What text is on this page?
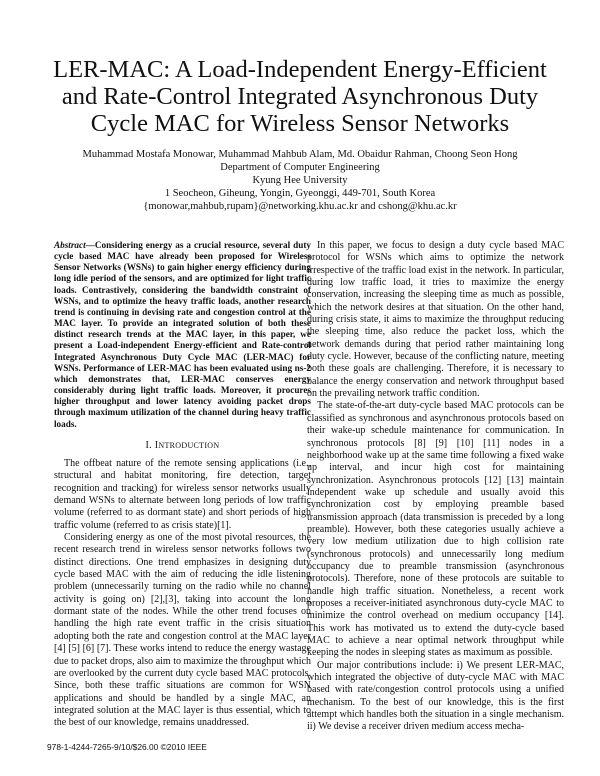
LER-MAC: A Load-Independent Energy-Efficient
and Rate-Control Integrated Asynchronous Duty
Cycle MAC for Wireless Sensor Networks
Muhammad Mostafa Monowar, Muhammad Mahbub Alam, Md. Obaidur Rahman, Choong Seon Hong
Department of Computer Engineering
Kyung Hee University
1 Seocheon, Giheung, Yongin, Gyeonggi, 449-701, South Korea
{monowar,mahbub,rupam}@networking.khu.ac.kr and cshong@khu.ac.kr
Abstract—Considering energy as a crucial resource, several duty cycle based MAC have already been proposed for Wireless Sensor Networks (WSNs) to gain higher energy efficiency during long idle period of the sensors, and are optimized for light traffic loads. Contrastively, considering the bandwidth constraint of WSNs, and to optimize the heavy traffic loads, another research trend is continuing in devising rate and congestion control at the MAC layer. To provide an integrated solution of both these distinct research trends at the MAC layer, in this paper, we present a Load-independent Energy-efficient and Rate-control Integrated Asynchronous Duty Cycle MAC (LER-MAC) for WSNs. Performance of LER-MAC has been evaluated using ns-2 which demonstrates that, LER-MAC conserves energy considerably during light traffic loads. Moreover, it procures higher throughput and lower latency avoiding packet drops through maximum utilization of the channel during heavy traffic loads.
I. INTRODUCTION

The offbeat nature of the remote sensing applications (i.e., structural and habitat monitoring, fire detection, target recognition and tracking) for wireless sensor networks usually demand WSNs to alternate between long periods of low traffic volume (referred to as dormant state) and short periods of high traffic volume (referred to as crisis state)[1].

Considering energy as one of the most pivotal resources, the recent research trend in wireless sensor networks follows two distinct directions. One trend emphasizes in designing duty cycle based MAC with the aim of reducing the idle listening problem (unnecessarily turning on the radio while no channel activity is going on) [2],[3], taking into account the long dormant state of the nodes. While the other trend focuses on handling the high rate event traffic in the crisis situation adopting both the rate and congestion control at the MAC layer [4] [5] [6] [7]. These works intend to reduce the energy wastage due to packet drops, also aim to maximize the throughput which are overlooked by the current duty cycle based MAC protocols. Since, both these traffic situations are common for WSN applications and should be handled by a single MAC, an integrated solution at the MAC layer is thus essential, which to the best of our knowledge, remains unaddressed.

In this paper, we focus to design a duty cycle based MAC protocol for WSNs which aims to optimize the network irrespective of the traffic load exist in the network. In particular, during low traffic load, it tries to maximize the energy conservation, increasing the sleeping time as much as possible, which the network desires at that situation. On the other hand, during crisis state, it aims to maximize the throughput reducing the sleeping time, also reduce the packet loss, which the network demands during that period rather maintaining long duty cycle. However, because of the conflicting nature, meeting both these goals are challenging. Therefore, it is necessary to balance the energy conservation and network throughput based on the prevailing network traffic condition.

The state-of-the-art duty-cycle based MAC protocols can be classified as synchronous and asynchronous protocols based on their wake-up schedule maintenance for communication. In synchronous protocols [8] [9] [10] [11] nodes in a neighborhood wake up at the same time following a fixed wake up interval, and incur high cost for maintaining synchronization. Asynchronous protocols [12] [13] maintain independent wake up schedule and usually avoid this synchronization cost by employing preamble based transmission approach (data transmission is preceded by a long preamble). However, both these categories usually achieve a very low medium utilization due to high collision rate (synchronous protocols) and unnecessarily long medium occupancy due to preamble transmission (asynchronous protocols). Therefore, none of these protocols are suitable to handle high traffic situation. Nonetheless, a recent work proposes a receiver-initiated asynchronous duty-cycle MAC to minimize the control overhead on medium occupancy [14]. This work has motivated us to extend the duty-cycle based MAC to achieve a near optimal network throughput while keeping the nodes in sleeping states as maximum as possible.

Our major contributions include: i) We present LER-MAC, which integrated the objective of duty-cycle MAC with MAC based with rate/congestion control protocols using a unified mechanism. To the best of our knowledge, this is the first attempt which handles both the situation in a single mechanism. ii) We devise a receiver driven medium access mecha-

978-1-4244-7265-9/10/$26.00 ©2010 IEEE
